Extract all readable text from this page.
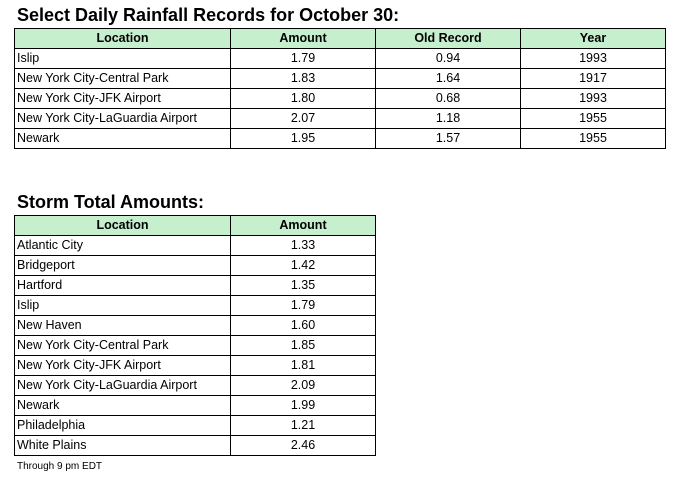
Select Daily Rainfall Records for October 30:
Location	Amount	Old Record	Year
Islip	1.79	0.94	1993
New York City-Central Park	1.83	1.64	1917
New York City-JFK Airport	1.80	0.68	1993
New York City-LaGuardia Airport	2.07	1.18	1955
Newark	1.95	1.57	1955
Storm Total Amounts:
Location	Amount
Atlantic City	1.33
Bridgeport	1.42
Hartford	1.35
Islip	1.79
New Haven	1.60
New York City-Central Park	1.85
New York City-JFK Airport	1.81
New York City-LaGuardia Airport	2.09
Newark	1.99
Philadelphia	1.21
White Plains	2.46
Through 9 pm EDT
